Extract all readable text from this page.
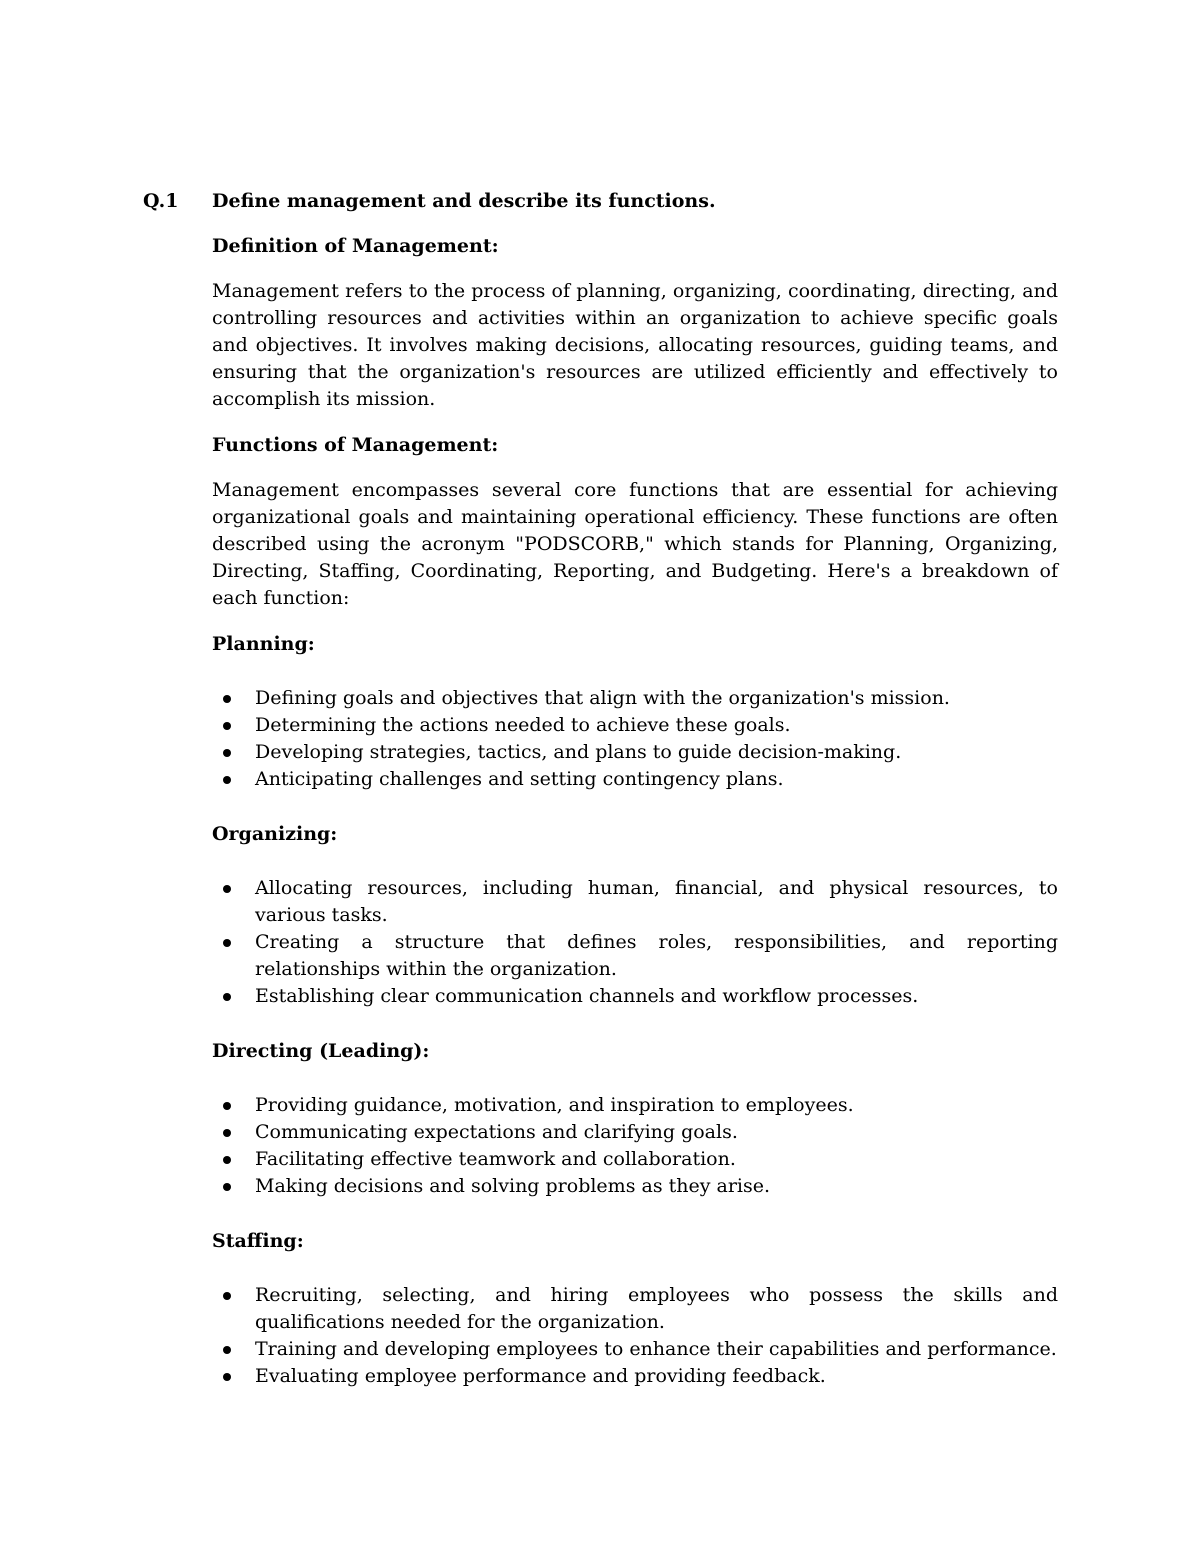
Q.1 Define management and describe its functions.

Definition of Management:

Management refers to the process of planning, organizing, coordinating, directing, and controlling resources and activities within an organization to achieve specific goals and objectives. It involves making decisions, allocating resources, guiding teams, and ensuring that the organization's resources are utilized efficiently and effectively to accomplish its mission.

Functions of Management:

Management encompasses several core functions that are essential for achieving organizational goals and maintaining operational efficiency. These functions are often described using the acronym "PODSCORB," which stands for Planning, Organizing, Directing, Staffing, Coordinating, Reporting, and Budgeting. Here's a breakdown of each function:

Planning:

Defining goals and objectives that align with the organization's mission.
Determining the actions needed to achieve these goals.
Developing strategies, tactics, and plans to guide decision-making.
Anticipating challenges and setting contingency plans.

Organizing:

Allocating resources, including human, financial, and physical resources, to various tasks.
Creating a structure that defines roles, responsibilities, and reporting relationships within the organization.
Establishing clear communication channels and workflow processes.

Directing (Leading):

Providing guidance, motivation, and inspiration to employees.
Communicating expectations and clarifying goals.
Facilitating effective teamwork and collaboration.
Making decisions and solving problems as they arise.

Staffing:

Recruiting, selecting, and hiring employees who possess the skills and qualifications needed for the organization.
Training and developing employees to enhance their capabilities and performance.
Evaluating employee performance and providing feedback.
